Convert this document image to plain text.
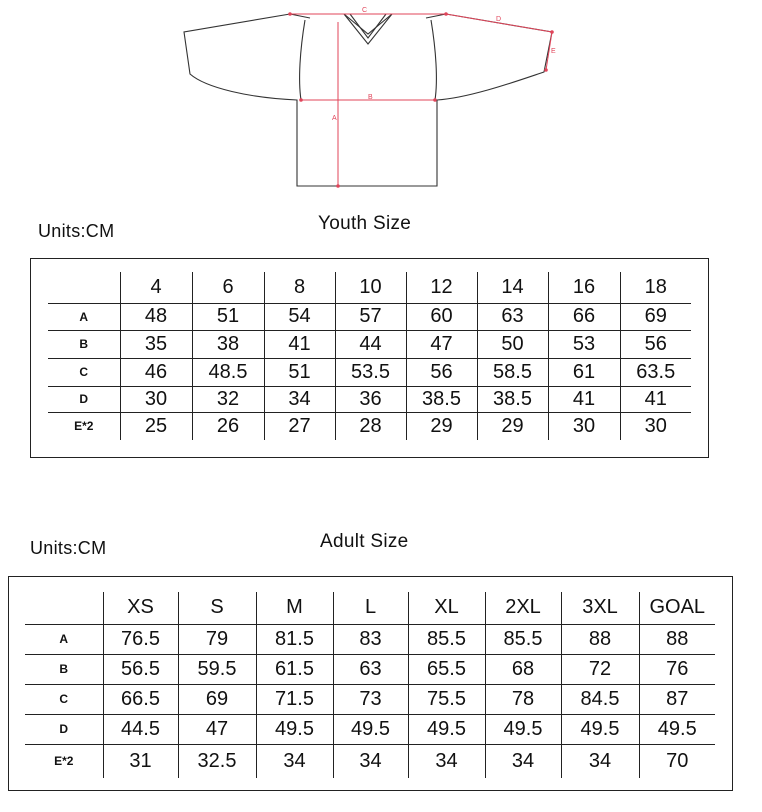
C
D
E
B
A
Units:CM	Youth Size
	4	6	8	10	12	14	16	18
A	48	51	54	57	60	63	66	69
B	35	38	41	44	47	50	53	56
C	46	48.5	51	53.5	56	58.5	61	63.5
D	30	32	34	36	38.5	38.5	41	41
E*2	25	26	27	28	29	29	30	30
Units:CM	Adult Size
	XS	S	M	L	XL	2XL	3XL	GOAL
A	76.5	79	81.5	83	85.5	85.5	88	88
B	56.5	59.5	61.5	63	65.5	68	72	76
C	66.5	69	71.5	73	75.5	78	84.5	87
D	44.5	47	49.5	49.5	49.5	49.5	49.5	49.5
E*2	31	32.5	34	34	34	34	34	70
